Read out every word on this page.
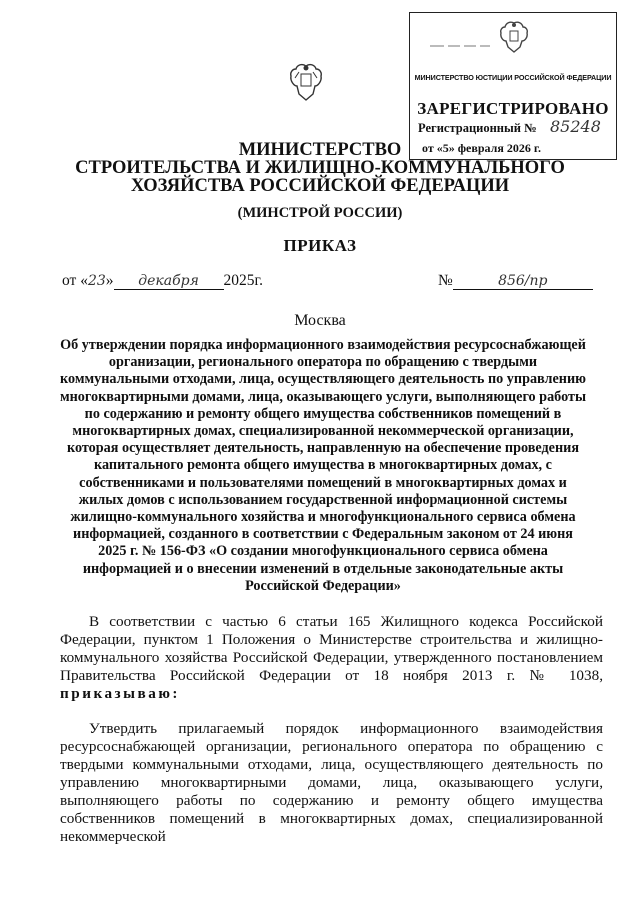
МИНИСТЕРСТВО ЮСТИЦИИ РОССИЙСКОЙ ФЕДЕРАЦИИ
ЗАРЕГИСТРИРОВАНО
Регистрационный № 85248
от «5» февраля 2026 г.
МИНИСТЕРСТВО
СТРОИТЕЛЬСТВА И ЖИЛИЩНО-КОММУНАЛЬНОГО
ХОЗЯЙСТВА РОССИЙСКОЙ ФЕДЕРАЦИИ
(МИНСТРОЙ РОССИИ)
ПРИКАЗ
от «23» декабря 2025г.	№	856/пр
Москва
Об утверждении порядка информационного взаимодействия ресурсоснабжающей организации, регионального оператора по обращению с твердыми коммунальными отходами, лица, осуществляющего деятельность по управлению многоквартирными домами, лица, оказывающего услуги, выполняющего работы по содержанию и ремонту общего имущества собственников помещений в многоквартирных домах, специализированной некоммерческой организации, которая осуществляет деятельность, направленную на обеспечение проведения капитального ремонта общего имущества в многоквартирных домах, с собственниками и пользователями помещений в многоквартирных домах и жилых домов с использованием государственной информационной системы жилищно-коммунального хозяйства и многофункционального сервиса обмена информацией, созданного в соответствии с Федеральным законом от 24 июня 2025 г. № 156-ФЗ «О создании многофункционального сервиса обмена информацией и о внесении изменений в отдельные законодательные акты Российской Федерации»
В соответствии с частью 6 статьи 165 Жилищного кодекса Российской Федерации, пунктом 1 Положения о Министерстве строительства и жилищно-коммунального хозяйства Российской Федерации, утвержденного постановлением Правительства Российской Федерации от 18 ноября 2013 г. № 1038, приказываю:
Утвердить прилагаемый порядок информационного взаимодействия ресурсоснабжающей организации, регионального оператора по обращению с твердыми коммунальными отходами, лица, осуществляющего деятельность по управлению многоквартирными домами, лица, оказывающего услуги, выполняющего работы по содержанию и ремонту общего имущества собственников помещений в многоквартирных домах, специализированной некоммерческой
